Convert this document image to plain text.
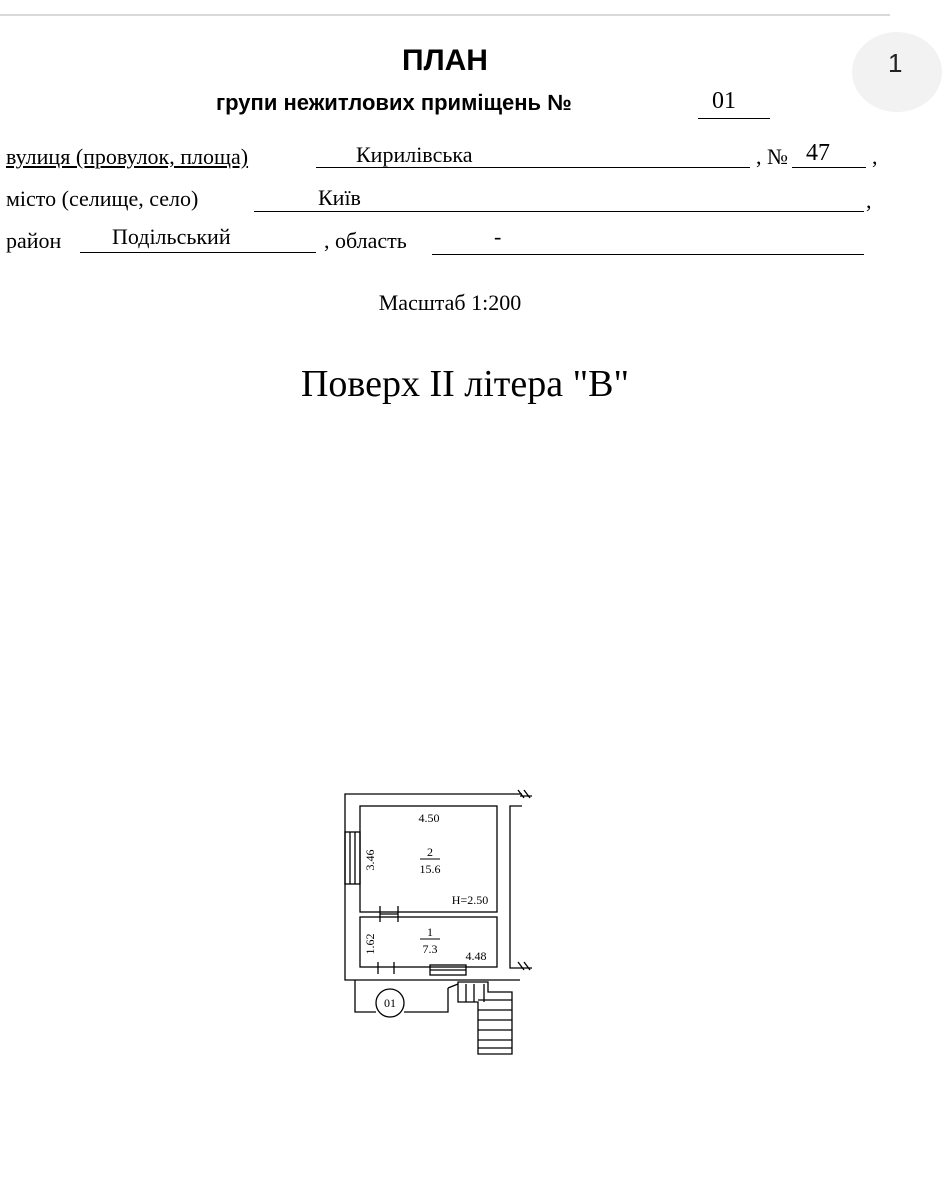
1
ПЛАН
групи нежитлових приміщень №	01
вулиця (провулок, площа)	Кирилівська	, № 47 ,
місто (селище, село)	Київ	,
район Подільський	, область	-
Масштаб 1:200
Поверх II літера "В"
4.50
3.46	2
15.6
H=2.50
1
7.3
1.62
4.48
01
